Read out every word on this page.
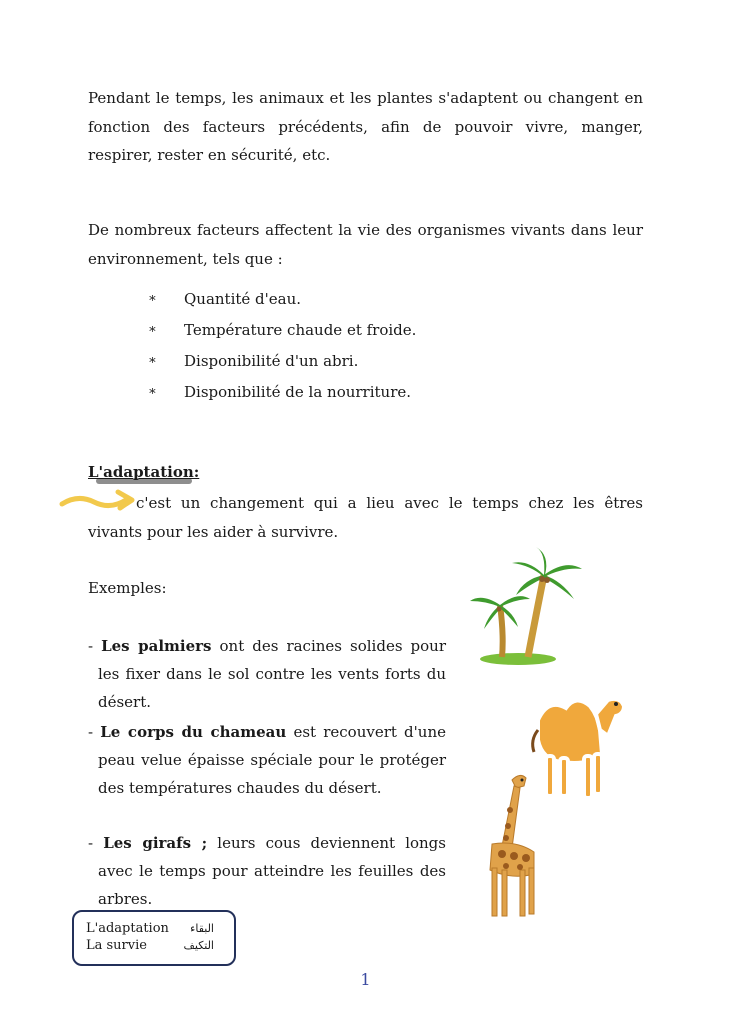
Pendant le temps, les animaux et les plantes s'adaptent ou changent en fonction des facteurs précédents, afin de pouvoir vivre, manger, respirer, rester en sécurité, etc.

De nombreux facteurs affectent la vie des organismes vivants dans leur environnement, tels que :

∗	Quantité d'eau.
∗	Température chaude et froide.
∗	Disponibilité d'un abri.
∗	Disponibilité de la nourriture.
L'adaptation:

c'est un changement qui a lieu avec le temps chez les êtres vivants pour les aider à survivre.

Exemples:

- Les palmiers ont des racines solides pour les fixer dans le sol contre les vents forts du désert.

- Le corps du chameau est recouvert d'une peau velue épaisse spéciale pour le protéger des températures chaudes du désert.

- Les girafs ; leurs cous deviennent longs avec le temps pour atteindre les feuilles des arbres.

L'adaptation البقاء
La survie	التكيف
1
